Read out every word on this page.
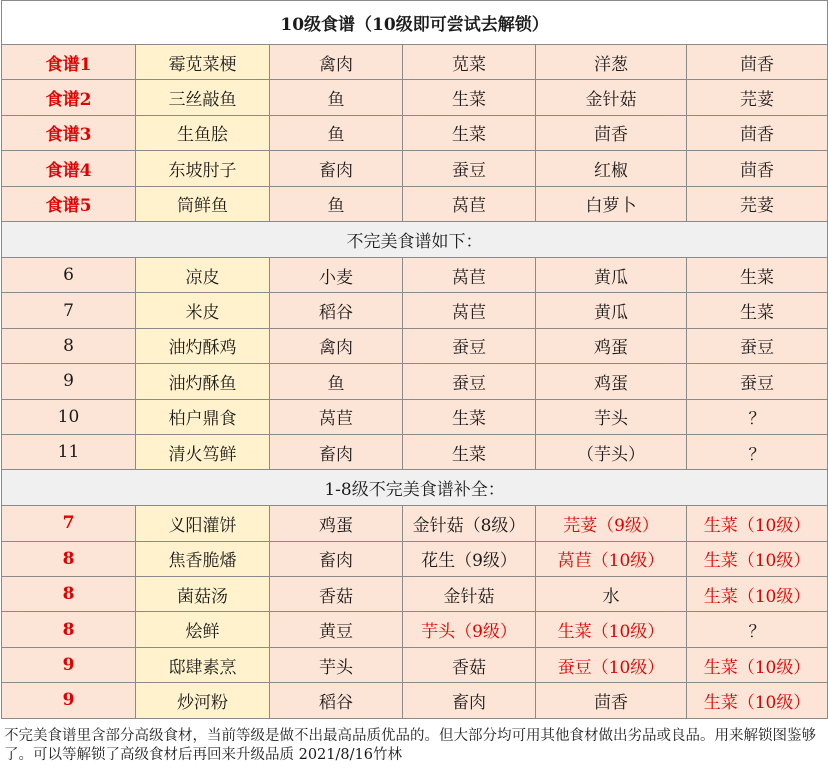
10级食谱（10级即可尝试去解锁）					
食谱1	霉苋菜梗	禽肉	苋菜	洋葱	茴香
食谱2	三丝敲鱼	鱼	生菜	金针菇	芫荽
食谱3	生鱼脍	鱼	生菜	茴香	茴香
食谱4	东坡肘子	畜肉	蚕豆	红椒	茴香
食谱5	筒鲜鱼	鱼	莴苣	白萝卜	芫荽
不完美食谱如下：					
6	凉皮	小麦	莴苣	黄瓜	生菜
7	米皮	稻谷	莴苣	黄瓜	生菜
8	油灼酥鸡	禽肉	蚕豆	鸡蛋	蚕豆
9	油灼酥鱼	鱼	蚕豆	鸡蛋	蚕豆
10	柏户鼎食	莴苣	生菜	芋头	？
11	清火笃鲜	畜肉	生菜	（芋头）	？
1-8级不完美食谱补全：					
7	义阳灌饼	鸡蛋	金针菇（8级）	芫荽（9级）	生菜（10级）
8	焦香脆燔	畜肉	花生（9级）	莴苣（10级）	生菜（10级）
8	菌菇汤	香菇	金针菇	水	生菜（10级）
8	烩鲜	黄豆	芋头（9级）	生菜（10级）	？
9	邸肆素烹	芋头	香菇	蚕豆（10级）	生菜（10级）
9	炒河粉	稻谷	畜肉	茴香	生菜（10级）
不完美食谱里含部分高级食材，当前等级是做不出最高品质优品的。但大部分均可用其他食材做出劣品或良品。用来解锁图鉴够了。可以等解锁了高级食材后再回来升级品质 2021/8/16竹林
